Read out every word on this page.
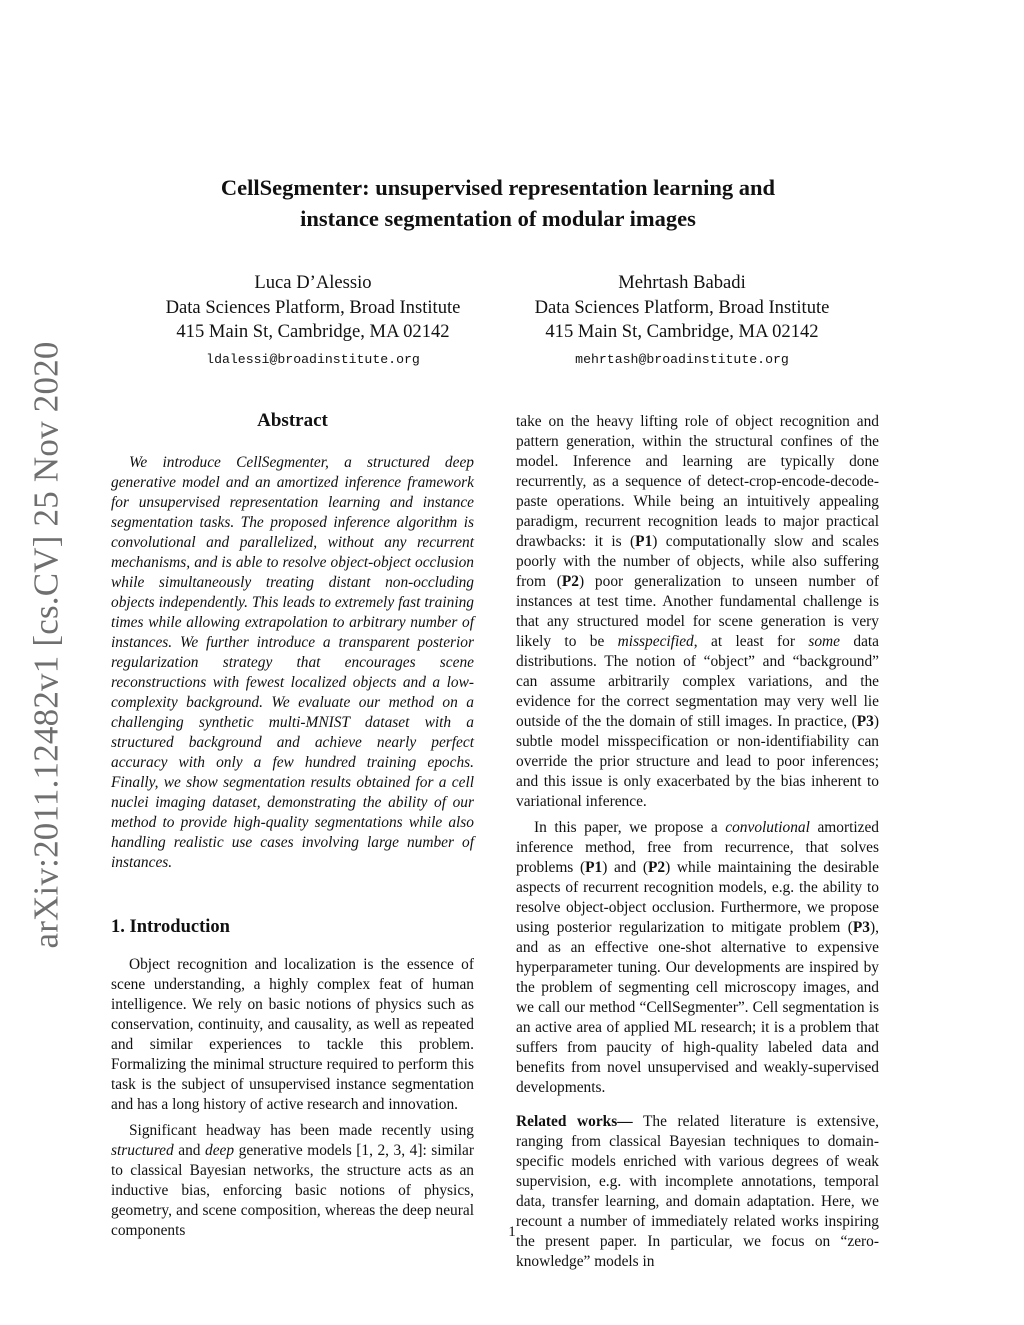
arXiv:2011.12482v1 [cs.CV] 25 Nov 2020
CellSegmenter: unsupervised representation learning and
instance segmentation of modular images
Luca D’Alessio
Data Sciences Platform, Broad Institute
415 Main St, Cambridge, MA 02142
ldalessi@broadinstitute.org
Mehrtash Babadi
Data Sciences Platform, Broad Institute
415 Main St, Cambridge, MA 02142
mehrtash@broadinstitute.org

Abstract

We introduce CellSegmenter, a structured deep generative model and an amortized inference framework for unsupervised representation learning and instance segmentation tasks. The proposed inference algorithm is convolutional and parallelized, without any recurrent mechanisms, and is able to resolve object-object occlusion while simultaneously treating distant non-occluding objects independently. This leads to extremely fast training times while allowing extrapolation to arbitrary number of instances. We further introduce a transparent posterior regularization strategy that encourages scene reconstructions with fewest localized objects and a low-complexity background. We evaluate our method on a challenging synthetic multi-MNIST dataset with a structured background and achieve nearly perfect accuracy with only a few hundred training epochs. Finally, we show segmentation results obtained for a cell nuclei imaging dataset, demonstrating the ability of our method to provide high-quality segmentations while also handling realistic use cases involving large number of instances.

1. Introduction

Object recognition and localization is the essence of scene understanding, a highly complex feat of human intelligence. We rely on basic notions of physics such as conservation, continuity, and causality, as well as repeated and similar experiences to tackle this problem. Formalizing the minimal structure required to perform this task is the subject of unsupervised instance segmentation and has a long history of active research and innovation.

Significant headway has been made recently using structured and deep generative models [1, 2, 3, 4]: similar to classical Bayesian networks, the structure acts as an inductive bias, enforcing basic notions of physics, geometry, and scene composition, whereas the deep neural components

take on the heavy lifting role of object recognition and pattern generation, within the structural confines of the model. Inference and learning are typically done recurrently, as a sequence of detect-crop-encode-decode-paste operations. While being an intuitively appealing paradigm, recurrent recognition leads to major practical drawbacks: it is (P1) computationally slow and scales poorly with the number of objects, while also suffering from (P2) poor generalization to unseen number of instances at test time. Another fundamental challenge is that any structured model for scene generation is very likely to be misspecified, at least for some data distributions. The notion of “object” and “background” can assume arbitrarily complex variations, and the evidence for the correct segmentation may very well lie outside of the the domain of still images. In practice, (P3) subtle model misspecification or non-identifiability can override the prior structure and lead to poor inferences; and this issue is only exacerbated by the bias inherent to variational inference.

In this paper, we propose a convolutional amortized inference method, free from recurrence, that solves problems (P1) and (P2) while maintaining the desirable aspects of recurrent recognition models, e.g. the ability to resolve object-object occlusion. Furthermore, we propose using posterior regularization to mitigate problem (P3), and as an effective one-shot alternative to expensive hyperparameter tuning. Our developments are inspired by the problem of segmenting cell microscopy images, and we call our method “CellSegmenter”. Cell segmentation is an active area of applied ML research; it is a problem that suffers from paucity of high-quality labeled data and benefits from novel unsupervised and weakly-supervised developments.

Related works— The related literature is extensive, ranging from classical Bayesian techniques to domain-specific models enriched with various degrees of weak supervision, e.g. with incomplete annotations, temporal data, transfer learning, and domain adaptation. Here, we recount a number of immediately related works inspiring the present paper. In particular, we focus on “zero-knowledge” models in

1
